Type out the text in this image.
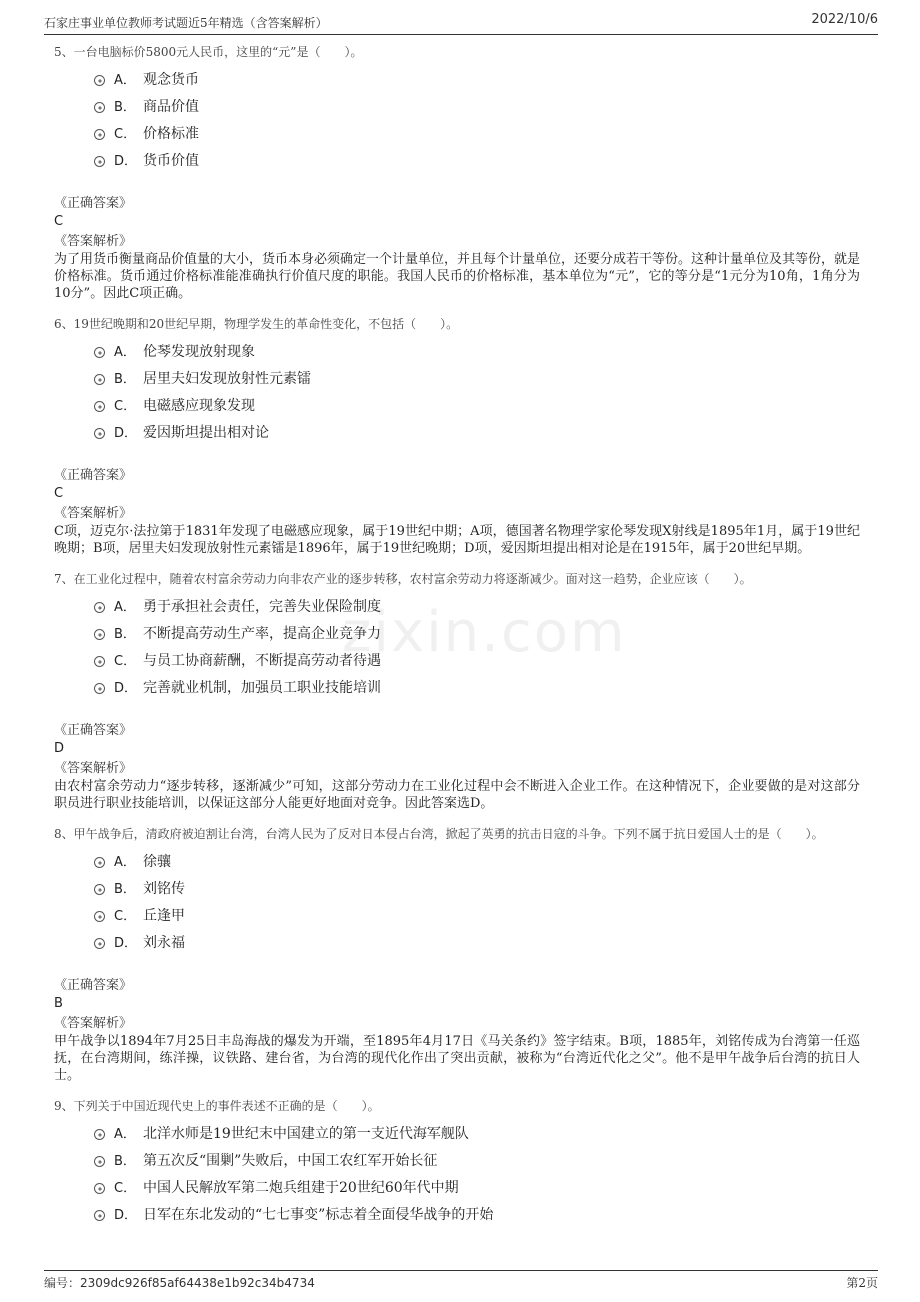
石家庄事业单位教师考试题近5年精选（含答案解析）	2022/10/6
zixin.com
5、一台电脑标价5800元人民币，这里的“元”是（　　）。
A． 观念货币
B． 商品价值
C． 价格标准
D． 货币价值
《正确答案》
C
《答案解析》
为了用货币衡量商品价值量的大小，货币本身必须确定一个计量单位，并且每个计量单位，还要分成若干等份。这种计量单位及其等份，就是价格标准。货币通过价格标准能准确执行价值尺度的职能。我国人民币的价格标准，基本单位为“元”，它的等分是“1元分为10角，1角分为10分”。因此C项正确。
6、19世纪晚期和20世纪早期，物理学发生的革命性变化，不包括（　　）。
A． 伦琴发现放射现象
B． 居里夫妇发现放射性元素镭
C． 电磁感应现象发现
D． 爱因斯坦提出相对论
《正确答案》
C
《答案解析》
C项，迈克尔·法拉第于1831年发现了电磁感应现象，属于19世纪中期；A项，德国著名物理学家伦琴发现X射线是1895年1月，属于19世纪晚期；B项，居里夫妇发现放射性元素镭是1896年，属于19世纪晚期；D项，爱因斯坦提出相对论是在1915年，属于20世纪早期。
7、在工业化过程中，随着农村富余劳动力向非农产业的逐步转移，农村富余劳动力将逐渐减少。面对这一趋势，企业应该（　　）。
A． 勇于承担社会责任，完善失业保险制度
B． 不断提高劳动生产率，提高企业竞争力
C． 与员工协商薪酬，不断提高劳动者待遇
D． 完善就业机制，加强员工职业技能培训
《正确答案》
D
《答案解析》
由农村富余劳动力“逐步转移，逐渐减少”可知，这部分劳动力在工业化过程中会不断进入企业工作。在这种情况下，企业要做的是对这部分职员进行职业技能培训，以保证这部分人能更好地面对竞争。因此答案选D。
8、甲午战争后，清政府被迫割让台湾，台湾人民为了反对日本侵占台湾，掀起了英勇的抗击日寇的斗争。下列不属于抗日爱国人士的是（　　）。
A． 徐骧
B． 刘铭传
C． 丘逢甲
D． 刘永福
《正确答案》
B
《答案解析》
甲午战争以1894年7月25日丰岛海战的爆发为开端，至1895年4月17日《马关条约》签字结束。B项，1885年，刘铭传成为台湾第一任巡抚，在台湾期间，练洋操，议铁路、建台省，为台湾的现代化作出了突出贡献，被称为“台湾近代化之父”。他不是甲午战争后台湾的抗日人士。
9、下列关于中国近现代史上的事件表述不正确的是（　　）。
A． 北洋水师是19世纪末中国建立的第一支近代海军舰队
B． 第五次反“围剿”失败后，中国工农红军开始长征
C． 中国人民解放军第二炮兵组建于20世纪60年代中期
D． 日军在东北发动的“七七事变”标志着全面侵华战争的开始
编号：2309dc926f85af64438e1b92c34b4734	第2页
